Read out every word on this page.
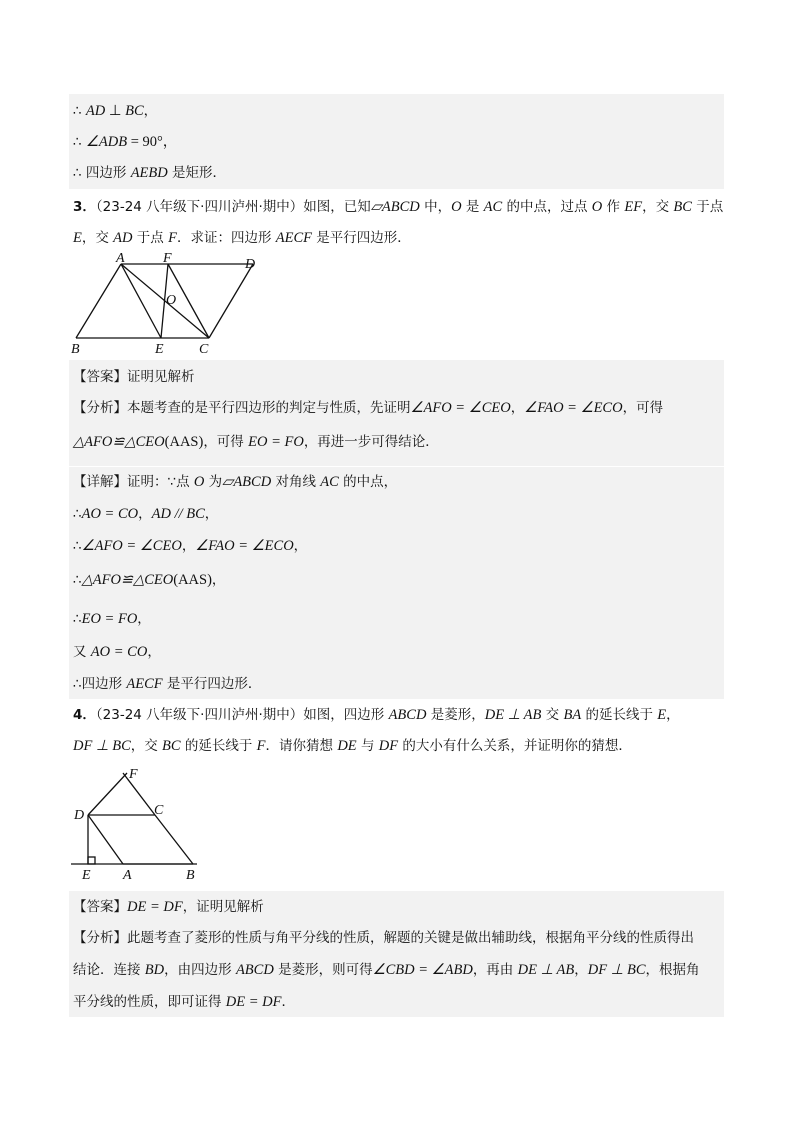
∴ AD ⊥ BC，
∴ ∠ADB = 90°，
∴ 四边形 AEBD 是矩形．
3．（23-24 八年级下·四川泸州·期中）如图，已知▱ABCD 中，O 是 AC 的中点，过点 O 作 EF，交 BC 于点
E，交 AD 于点 F．求证：四边形 AECF 是平行四边形．
A	F	D
O
B	E	C
【答案】证明见解析
【分析】本题考查的是平行四边形的判定与性质，先证明∠AFO = ∠CEO，∠FAO = ∠ECO，可得
△AFO≌△CEO(AAS)，可得 EO = FO，再进一步可得结论．
【详解】证明：∵点 O 为▱ABCD 对角线 AC 的中点，
∴AO = CO，AD // BC，
∴∠AFO = ∠CEO，∠FAO = ∠ECO，
∴△AFO≌△CEO(AAS)，
∴EO = FO，
又 AO = CO，
∴四边形 AECF 是平行四边形．
4．（23-24 八年级下·四川泸州·期中）如图，四边形 ABCD 是菱形，DE ⊥ AB 交 BA 的延长线于 E，
DF ⊥ BC，交 BC 的延长线于 F．请你猜想 DE 与 DF 的大小有什么关系，并证明你的猜想．
F
C
D
E A	B
【答案】DE = DF，证明见解析
【分析】此题考查了菱形的性质与角平分线的性质，解题的关键是做出辅助线，根据角平分线的性质得出
结论．连接 BD，由四边形 ABCD 是菱形，则可得∠CBD = ∠ABD，再由 DE ⊥ AB，DF ⊥ BC，根据角
平分线的性质，即可证得 DE = DF．
